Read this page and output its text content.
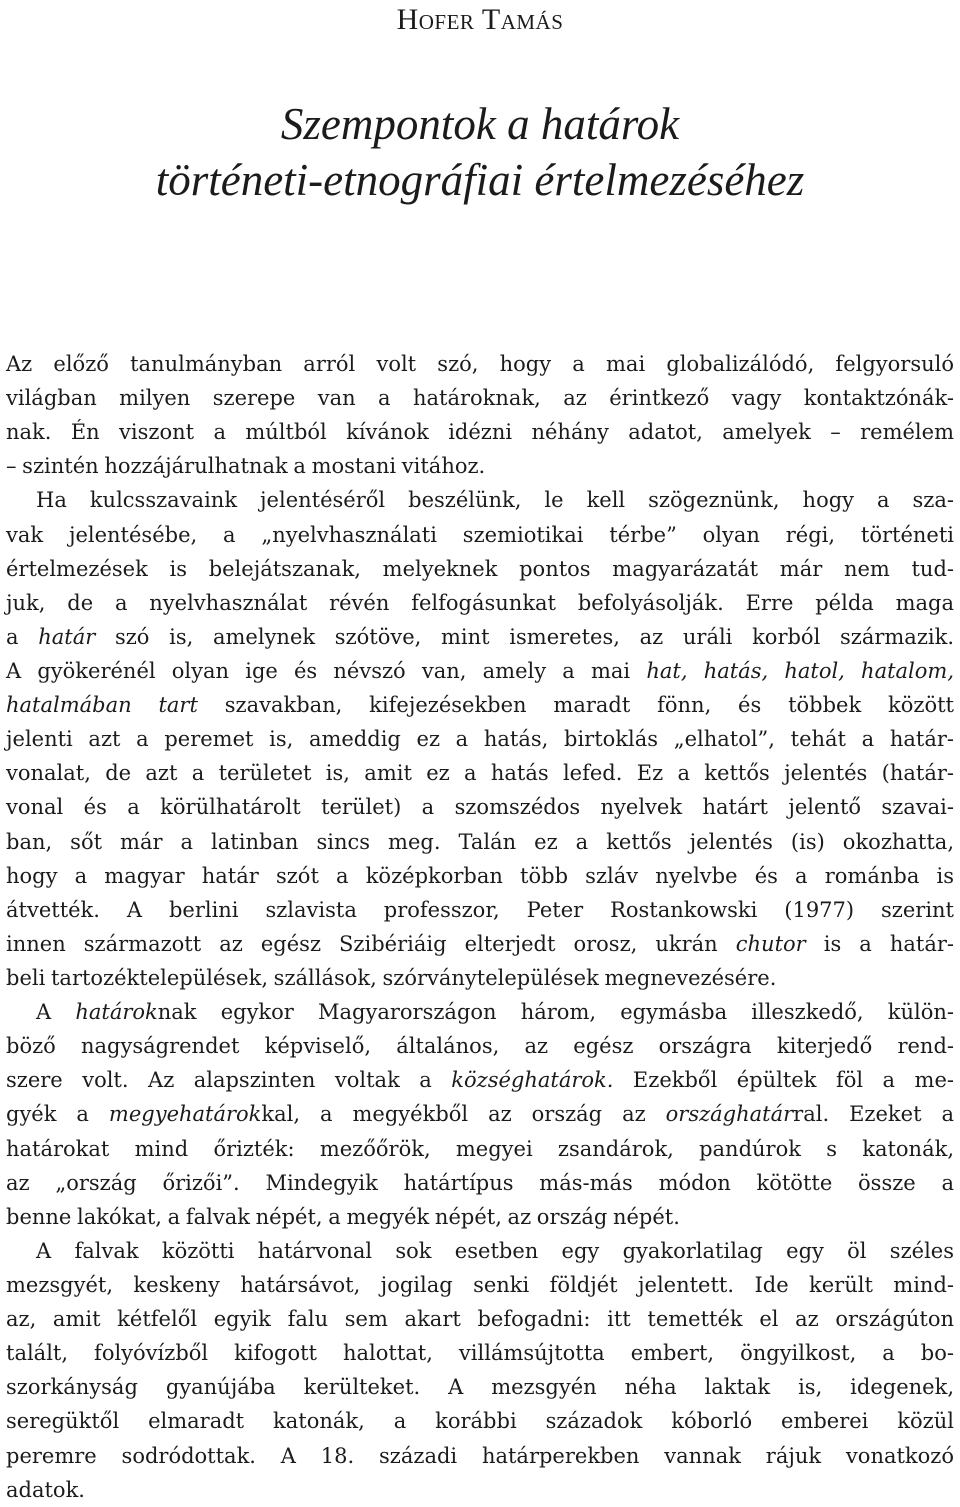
Hofer Tamás
Szempontok a határok
történeti-etnográfiai értelmezéséhez
Az előző tanulmányban arról volt szó, hogy a mai globalizálódó, felgyorsuló
világban milyen szerepe van a határoknak, az érintkező vagy kontaktzónák-
nak. Én viszont a múltból kívánok idézni néhány adatot, amelyek – remélem
– szintén hozzájárulhatnak a mostani vitához.
Ha kulcsszavaink jelentéséről beszélünk, le kell szögeznünk, hogy a sza-
vak jelentésébe, a „nyelvhasználati szemiotikai térbe” olyan régi, történeti
értelmezések is belejátszanak, melyeknek pontos magyarázatát már nem tud-
juk, de a nyelvhasználat révén felfogásunkat befolyásolják. Erre példa maga
a határ szó is, amelynek szótöve, mint ismeretes, az uráli korból származik.
A gyökerénél olyan ige és névszó van, amely a mai hat, hatás, hatol, hatalom,
hatalmában tart szavakban, kifejezésekben maradt fönn, és többek között
jelenti azt a peremet is, ameddig ez a hatás, birtoklás „elhatol”, tehát a határ-
vonalat, de azt a területet is, amit ez a hatás lefed. Ez a kettős jelentés (határ-
vonal és a körülhatárolt terület) a szomszédos nyelvek határt jelentő szavai-
ban, sőt már a latinban sincs meg. Talán ez a kettős jelentés (is) okozhatta,
hogy a magyar határ szót a középkorban több szláv nyelvbe és a románba is
átvették. A berlini szlavista professzor, Peter Rostankowski (1977) szerint
innen származott az egész Szibériáig elterjedt orosz, ukrán chutor is a határ-
beli tartozéktelepülések, szállások, szórványtelepülések megnevezésére.
A határoknak egykor Magyarországon három, egymásba illeszkedő, külön-
böző nagyságrendet képviselő, általános, az egész országra kiterjedő rend-
szere volt. Az alapszinten voltak a községhatárok. Ezekből épültek föl a me-
gyék a megyehatárokkal, a megyékből az ország az országhatárral. Ezeket a
határokat mind őrizték: mezőőrök, megyei zsandárok, pandúrok s katonák,
az „ország őrizői”. Mindegyik határtípus más-más módon kötötte össze a
benne lakókat, a falvak népét, a megyék népét, az ország népét.
A falvak közötti határvonal sok esetben egy gyakorlatilag egy öl széles
mezsgyét, keskeny határsávot, jogilag senki földjét jelentett. Ide került mind-
az, amit kétfelől egyik falu sem akart befogadni: itt temették el az országúton
talált, folyóvízből kifogott halottat, villámsújtotta embert, öngyilkost, a bo-
szorkányság gyanújába kerülteket. A mezsgyén néha laktak is, idegenek,
seregüktől elmaradt katonák, a korábbi századok kóborló emberei közül
peremre sodródottak. A 18. századi határperekben vannak rájuk vonatkozó
adatok.
